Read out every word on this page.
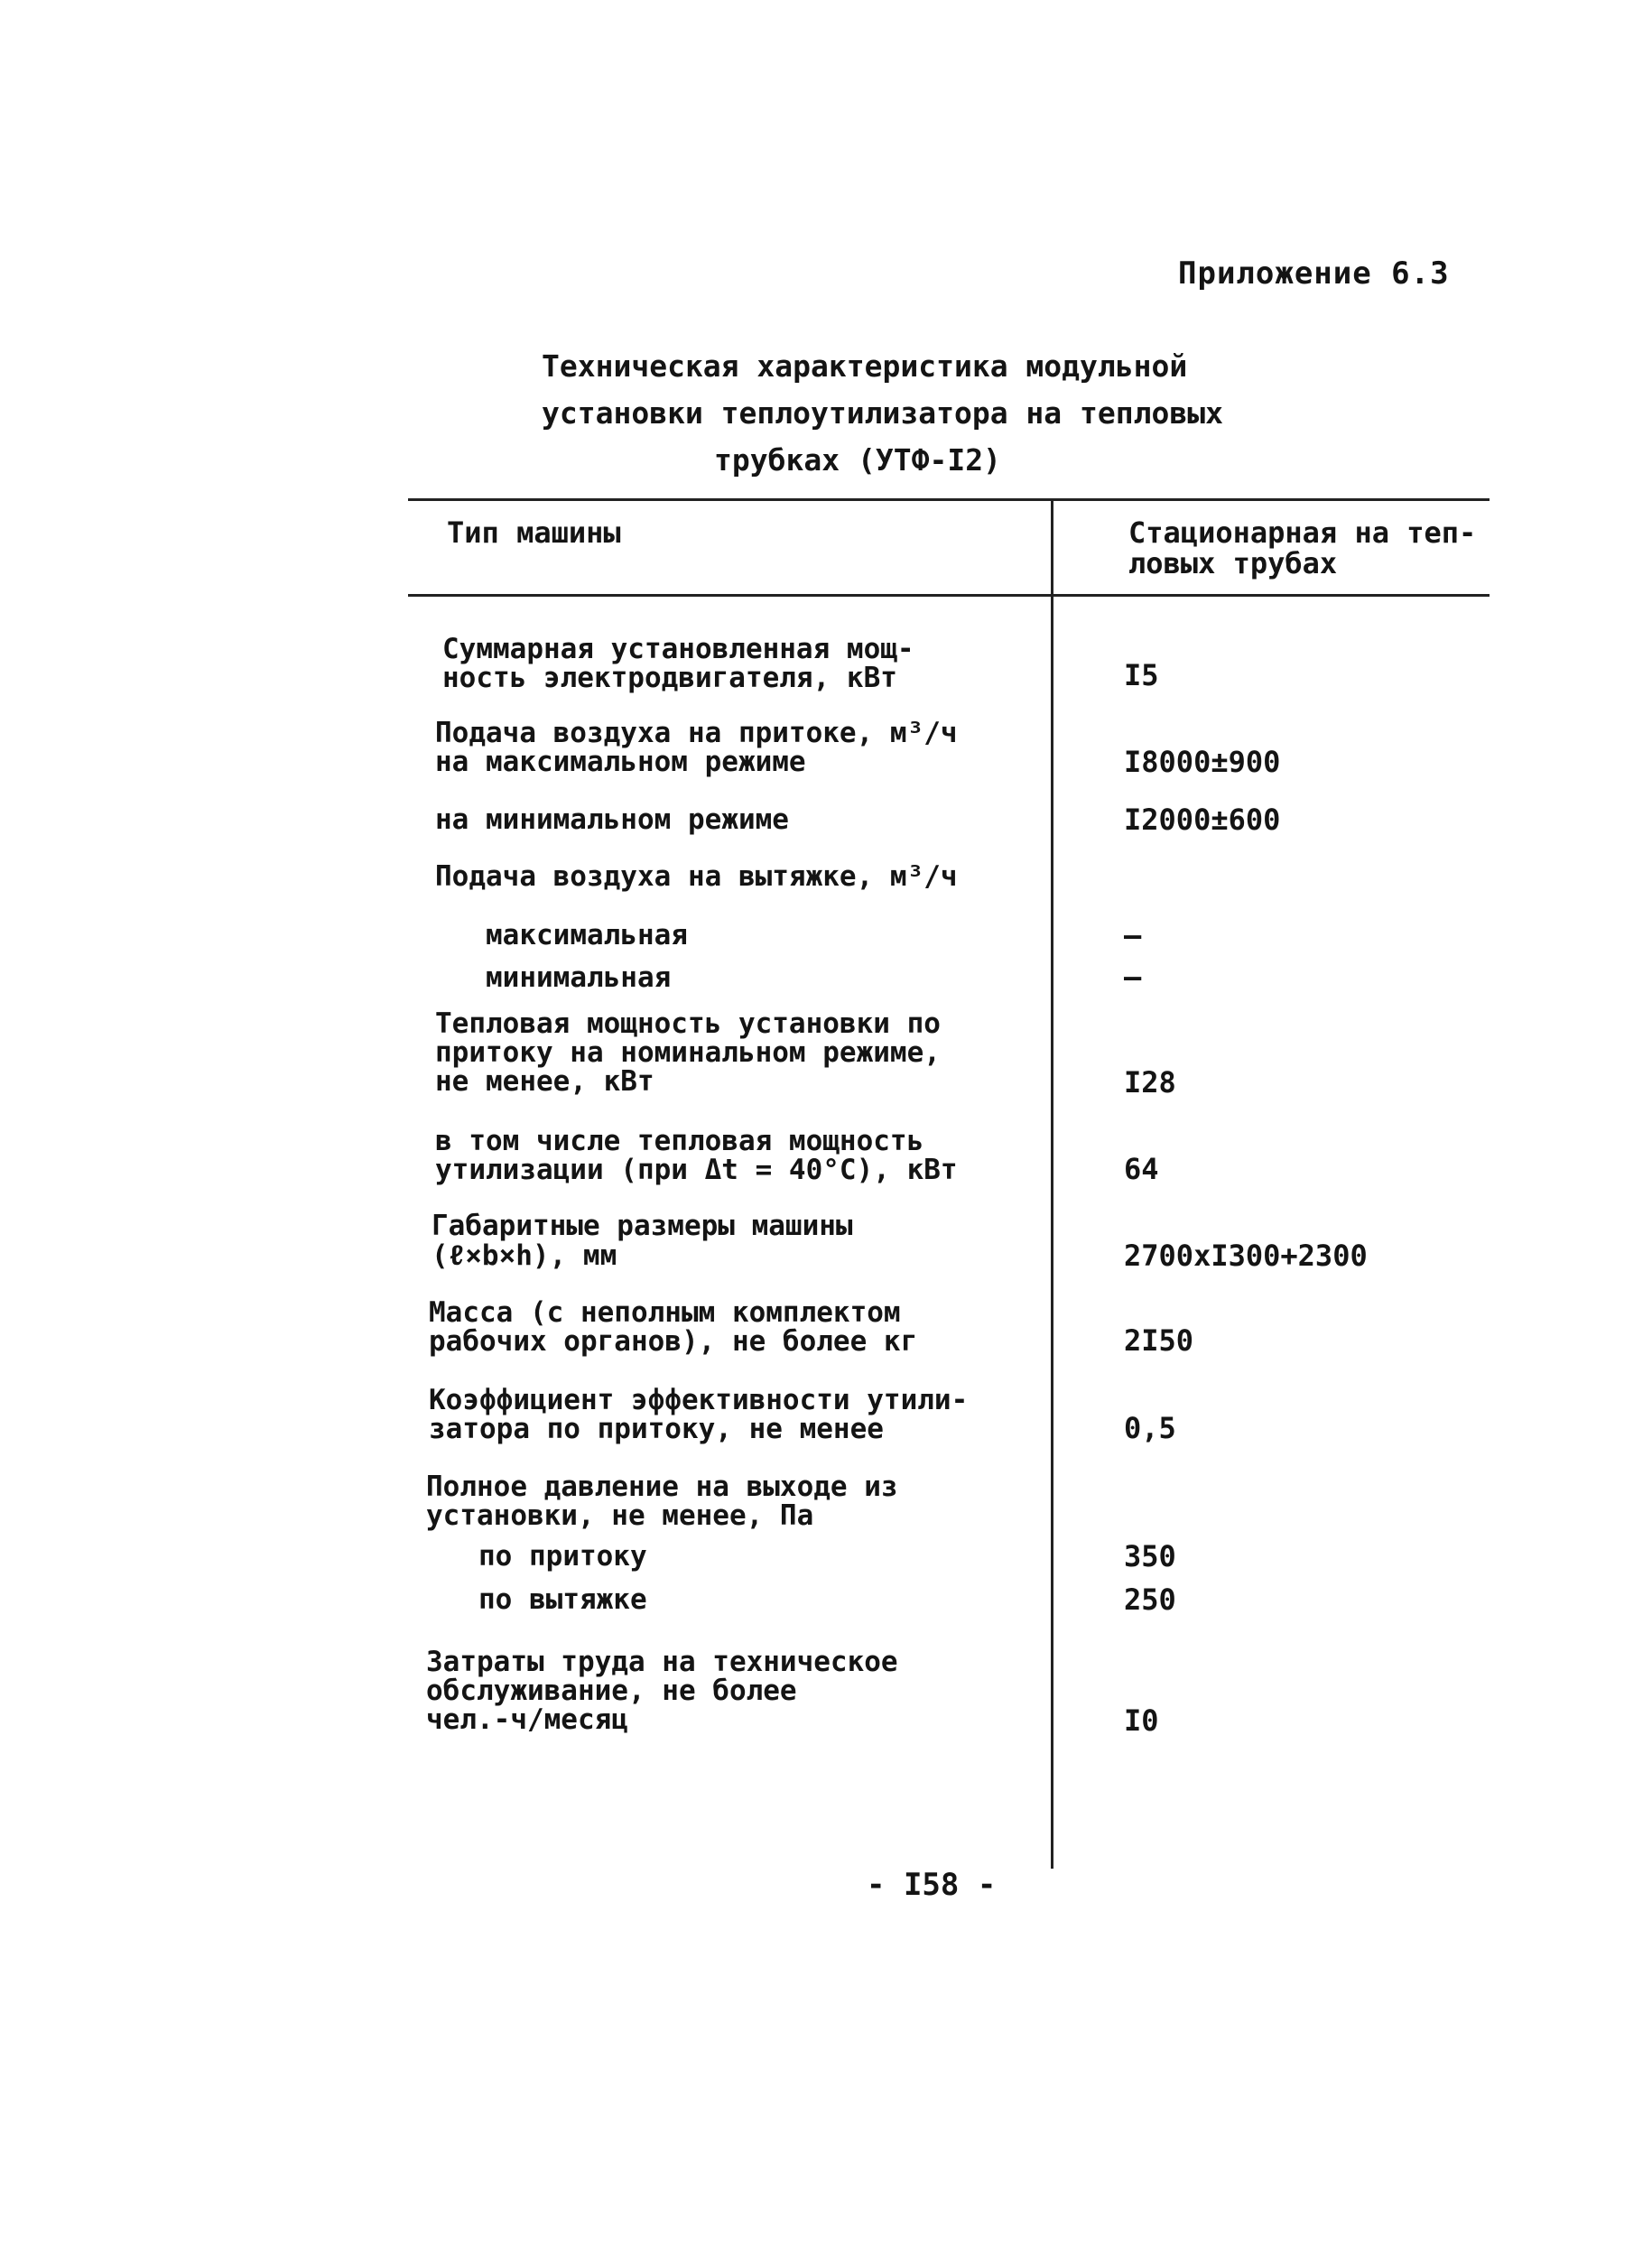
Приложение 6.3
Техническая характеристика модульной
установки теплоутилизатора на тепловых
трубках (УТФ-I2)
Тип машины	Стационарная на теп-
ловых трубах
Суммарная установленная мощ-
ность электродвигателя, кВт	I5
Подача воздуха на притоке, м³/ч
на максимальном режиме	I8000±900
на минимальном режиме	I2000±600
Подача воздуха на вытяжке, м³/ч
максимальная	–
минимальная	–
Тепловая мощность установки по
притоку на номинальном режиме,
не менее, кВт	I28
в том числе тепловая мощность
утилизации (при Δt = 40°С), кВт	64
Габаритные размеры машины
(ℓ×b×h), мм	2700xI300+2300
Масса (с неполным комплектом
рабочих органов), не более кг	2I50
Коэффициент эффективности утили-
затора по притоку, не менее	0,5
Полное давление на выходе из
установки, не менее, Па
по притоку	350
по вытяжке	250
Затраты труда на техническое
обслуживание, не более
чел.-ч/месяц	I0
- I58 -
